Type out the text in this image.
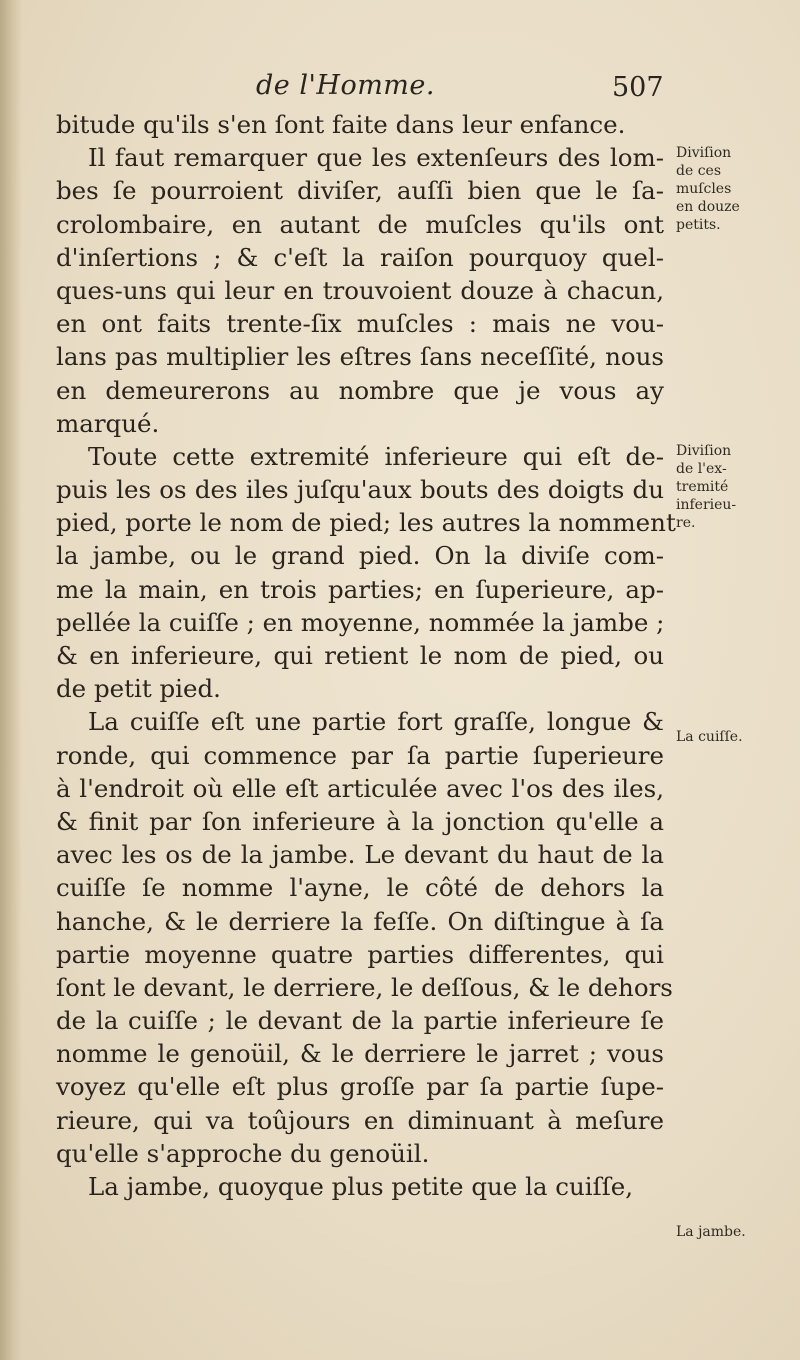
de l'Homme.	507
bitude qu'ils s'en ſont faite dans leur enfance.
Il faut remarquer que les extenſeurs des lom-
bes ſe pourroient diviſer, auſſi bien que le ſa-
crolombaire, en autant de muſcles qu'ils ont
d'inſertions ; & c'eſt la raiſon pourquoy quel-
ques-uns qui leur en trouvoient douze à chacun,
en ont faits trente-ſix muſcles : mais ne vou-
lans pas multiplier les eſtres ſans neceſſité, nous
en demeurerons au nombre que je vous ay
marqué.
Toute cette extremité inferieure qui eſt de-
puis les os des iles juſqu'aux bouts des doigts du
pied, porte le nom de pied; les autres la nomment
la jambe, ou le grand pied. On la diviſe com-
me la main, en trois parties; en ſuperieure, ap-
pellée la cuiſſe ; en moyenne, nommée la jambe ;
& en inferieure, qui retient le nom de pied, ou
de petit pied.
La cuiſſe eſt une partie fort graſſe, longue &
ronde, qui commence par ſa partie ſuperieure
à l'endroit où elle eſt articulée avec l'os des iles,
& finit par ſon inferieure à la jonction qu'elle a
avec les os de la jambe. Le devant du haut de la
cuiſſe ſe nomme l'ayne, le côté de dehors la
hanche, & le derriere la feſſe. On diſtingue à ſa
partie moyenne quatre parties differentes, qui
ſont le devant, le derriere, le deſſous, & le dehors
de la cuiſſe ; le devant de la partie inferieure ſe
nomme le genoüil, & le derriere le jarret ; vous
voyez qu'elle eſt plus groſſe par ſa partie ſupe-
rieure, qui va toûjours en diminuant à meſure
qu'elle s'approche du genoüil.
La jambe, quoyque plus petite que la cuiſſe,
Diviſion
de ces
muſcles
en douze
petits.
Diviſion
de l'ex-
tremité
inferieu-
re.
La cuiſſe.
La jambe.
